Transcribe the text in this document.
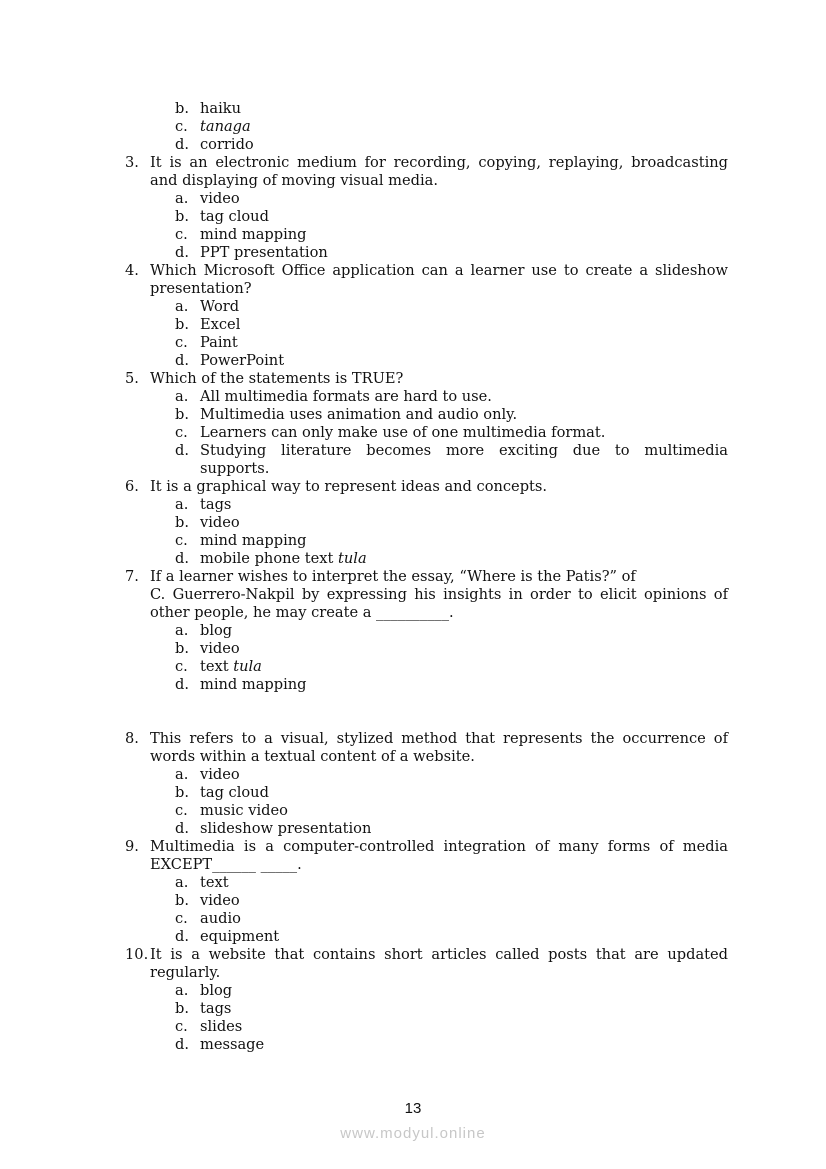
b. haiku
c. tanaga
d. corrido
3. It is an electronic medium for recording, copying, replaying, broadcasting and displaying of moving visual media.
a. video
b. tag cloud
c. mind mapping
d. PPT presentation
4. Which Microsoft Office application can a learner use to create a slideshow presentation?
a. Word
b. Excel
c. Paint
d. PowerPoint
5. Which of the statements is TRUE?
a. All multimedia formats are hard to use.
b. Multimedia uses animation and audio only.
c. Learners can only make use of one multimedia format.
d. Studying literature becomes more exciting due to multimedia supports.
6. It is a graphical way to represent ideas and concepts.
a. tags
b. video
c. mind mapping
d. mobile phone text tula
7. If a learner wishes to interpret the essay, “Where is the Patis?” of
C. Guerrero-Nakpil by expressing his insights in order to elicit opinions of other people, he may create a __________.
a. blog
b. video
c. text tula
d. mind mapping
8. This refers to a visual, stylized method that represents the occurrence of words within a textual content of a website.
a. video
b. tag cloud
c. music video
d. slideshow presentation
9. Multimedia is a computer-controlled integration of many forms of media EXCEPT______ _____.
a. text
b. video
c. audio
d. equipment
10. It is a website that contains short articles called posts that are updated regularly.
a. blog
b. tags
c. slides
d. message
13
www.modyul.online
